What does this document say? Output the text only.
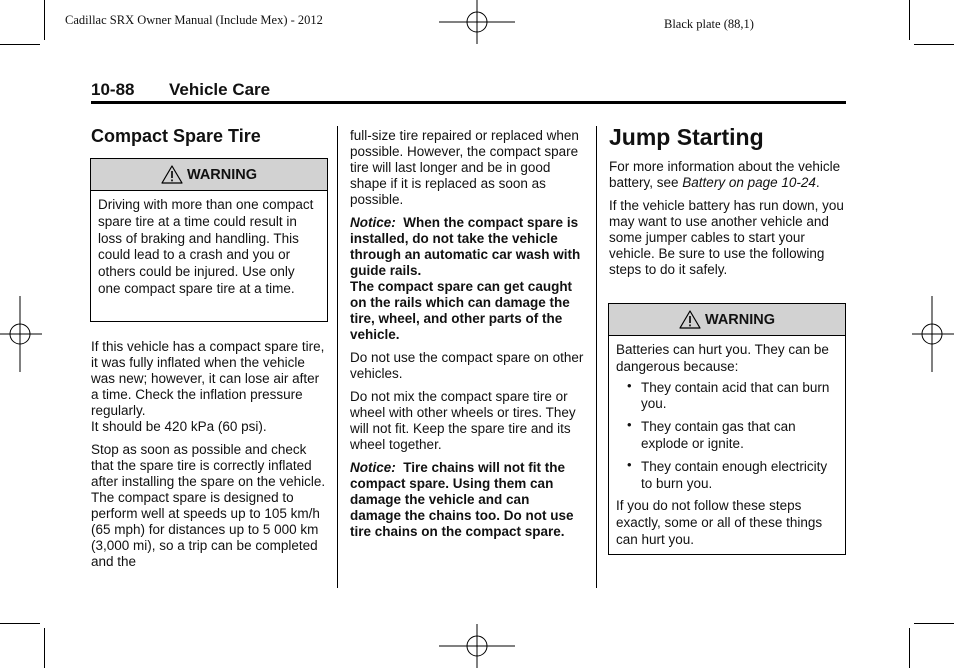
Cadillac SRX Owner Manual (Include Mex) - 2012	Black plate (88,1)
10-88 Vehicle Care
Compact Spare Tire
WARNING
Driving with more than one compact spare tire at a time could result in loss of braking and handling. This could lead to a crash and you or others could be injured. Use only one compact spare tire at a time.

If this vehicle has a compact spare tire, it was fully inflated when the vehicle was new; however, it can lose air after a time. Check the inflation pressure regularly.
It should be 420 kPa (60 psi).

Stop as soon as possible and check that the spare tire is correctly inflated after installing the spare on the vehicle. The compact spare is designed to perform well at speeds up to 105 km/h (65 mph) for distances up to 5 000 km (3,000 mi), so a trip can be completed and the

full-size tire repaired or replaced when possible. However, the compact spare tire will last longer and be in good shape if it is replaced as soon as possible.

Notice: When the compact spare is installed, do not take the vehicle through an automatic car wash with guide rails.
The compact spare can get caught on the rails which can damage the tire, wheel, and other parts of the vehicle.

Do not use the compact spare on other vehicles.

Do not mix the compact spare tire or wheel with other wheels or tires. They will not fit. Keep the spare tire and its wheel together.

Notice: Tire chains will not fit the compact spare. Using them can damage the vehicle and can damage the chains too. Do not use tire chains on the compact spare.

Jump Starting

For more information about the vehicle battery, see Battery on page 10-24.

If the vehicle battery has run down, you may want to use another vehicle and some jumper cables to start your vehicle. Be sure to use the following steps to do it safely.

WARNING
Batteries can hurt you. They can be dangerous because:
• They contain acid that can burn you.
• They contain gas that can explode or ignite.
• They contain enough electricity to burn you.
If you do not follow these steps exactly, some or all of these things can hurt you.
